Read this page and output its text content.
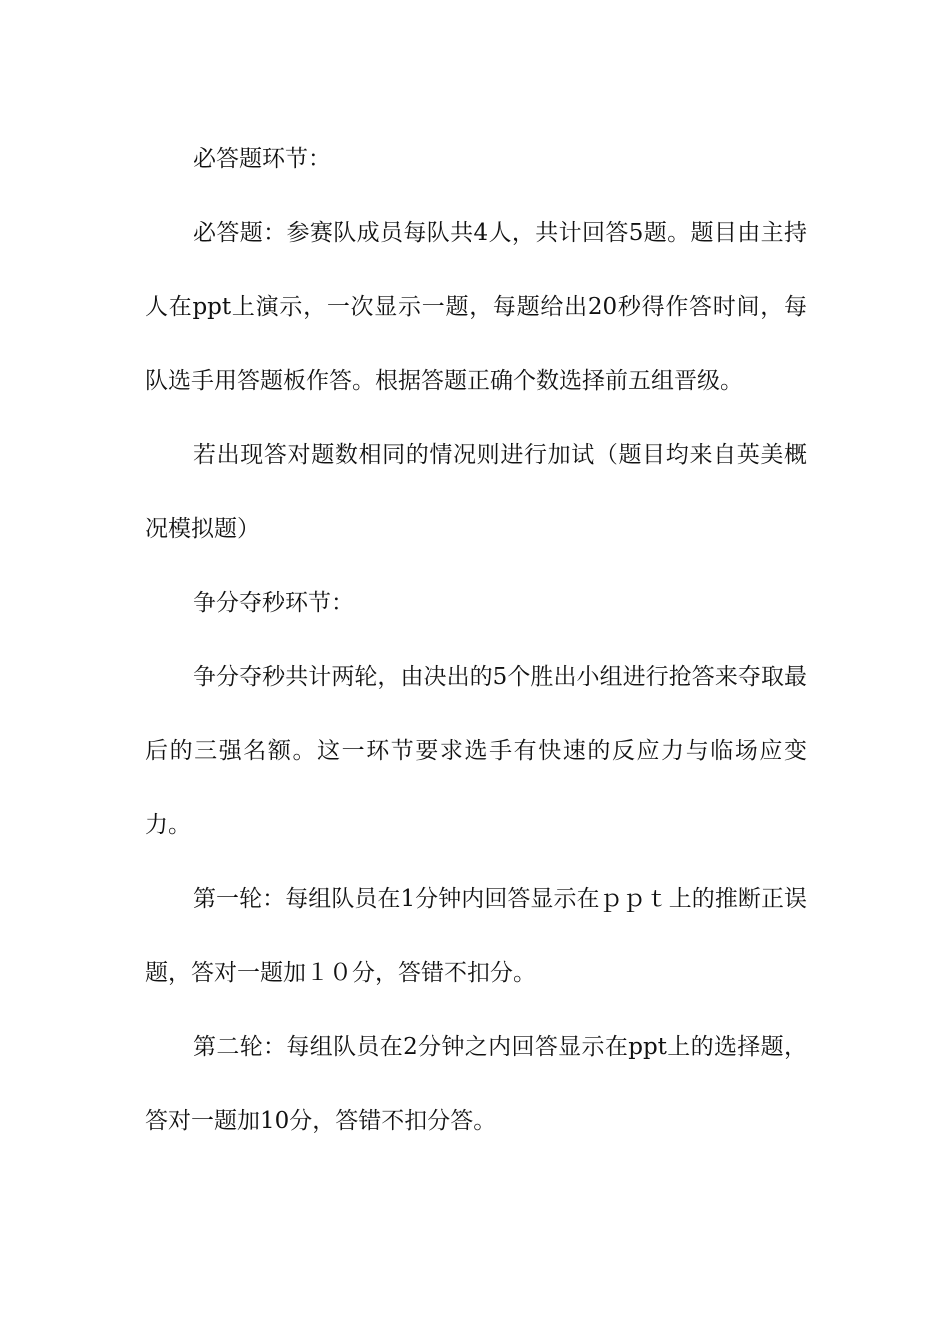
必答题环节：

必答题：参赛队成员每队共4人，共计回答5题。题目由主持人在ppt上演示，一次显示一题，每题给出20秒得作答时间，每队选手用答题板作答。根据答题正确个数选择前五组晋级。

若出现答对题数相同的情况则进行加试（题目均来自英美概况模拟题）

争分夺秒环节：

争分夺秒共计两轮，由决出的5个胜出小组进行抢答来夺取最后的三强名额。这一环节要求选手有快速的反应力与临场应变力。

第一轮：每组队员在1分钟内回答显示在ｐｐｔ上的推断正误题，答对一题加１０分，答错不扣分。

第二轮：每组队员在2分钟之内回答显示在ppt上的选择题，答对一题加10分，答错不扣分答。
